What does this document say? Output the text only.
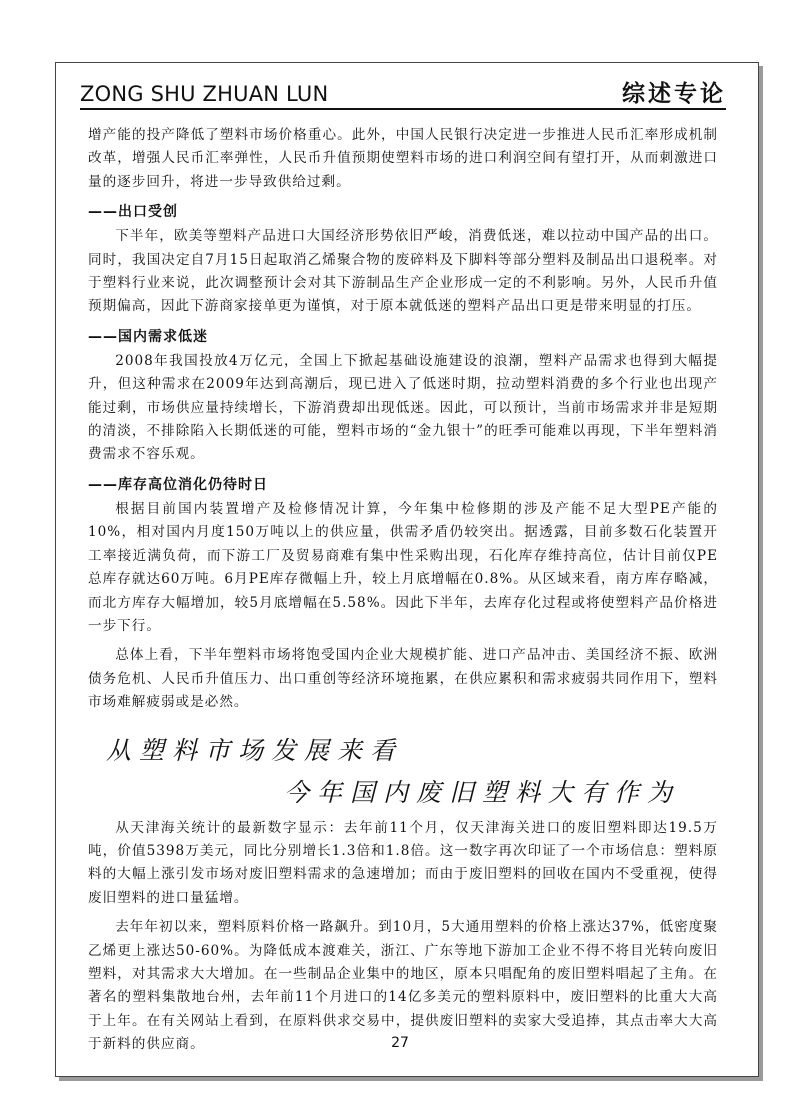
ZONG SHU ZHUAN LUN	综述专论

增产能的投产降低了塑料市场价格重心。此外，中国人民银行决定进一步推进人民币汇率形成机制改革，增强人民币汇率弹性，人民币升值预期使塑料市场的进口利润空间有望打开，从而刺激进口量的逐步回升，将进一步导致供给过剩。

——出口受创

下半年，欧美等塑料产品进口大国经济形势依旧严峻，消费低迷，难以拉动中国产品的出口。同时，我国决定自7月15日起取消乙烯聚合物的废碎料及下脚料等部分塑料及制品出口退税率。对于塑料行业来说，此次调整预计会对其下游制品生产企业形成一定的不利影响。另外，人民币升值预期偏高，因此下游商家接单更为谨慎，对于原本就低迷的塑料产品出口更是带来明显的打压。

——国内需求低迷

2008年我国投放4万亿元，全国上下掀起基础设施建设的浪潮，塑料产品需求也得到大幅提升，但这种需求在2009年达到高潮后，现已进入了低迷时期，拉动塑料消费的多个行业也出现产能过剩，市场供应量持续增长，下游消费却出现低迷。因此，可以预计，当前市场需求并非是短期的清淡，不排除陷入长期低迷的可能，塑料市场的“金九银十”的旺季可能难以再现，下半年塑料消费需求不容乐观。

——库存高位消化仍待时日

根据目前国内装置增产及检修情况计算，今年集中检修期的涉及产能不足大型PE产能的10%，相对国内月度150万吨以上的供应量，供需矛盾仍较突出。据透露，目前多数石化装置开工率接近满负荷，而下游工厂及贸易商难有集中性采购出现，石化库存维持高位，估计目前仅PE总库存就达60万吨。6月PE库存微幅上升，较上月底增幅在0.8%。从区域来看，南方库存略减，而北方库存大幅增加，较5月底增幅在5.58%。因此下半年，去库存化过程或将使塑料产品价格进一步下行。

总体上看，下半年塑料市场将饱受国内企业大规模扩能、进口产品冲击、美国经济不振、欧洲债务危机、人民币升值压力、出口重创等经济环境拖累，在供应累积和需求疲弱共同作用下，塑料市场难解疲弱或是必然。

从塑料市场发展来看
今年国内废旧塑料大有作为

从天津海关统计的最新数字显示：去年前11个月，仅天津海关进口的废旧塑料即达19.5万吨，价值5398万美元，同比分别增长1.3倍和1.8倍。这一数字再次印证了一个市场信息：塑料原料的大幅上涨引发市场对废旧塑料需求的急速增加；而由于废旧塑料的回收在国内不受重视，使得废旧塑料的进口量猛增。

去年年初以来，塑料原料价格一路飙升。到10月，5大通用塑料的价格上涨达37%，低密度聚乙烯更上涨达50-60%。为降低成本渡难关，浙江、广东等地下游加工企业不得不将目光转向废旧塑料，对其需求大大增加。在一些制品企业集中的地区，原本只唱配角的废旧塑料唱起了主角。在著名的塑料集散地台州，去年前11个月进口的14亿多美元的塑料原料中，废旧塑料的比重大大高于上年。在有关网站上看到，在原料供求交易中，提供废旧塑料的卖家大受追捧，其点击率大大高于新料的供应商。	27
